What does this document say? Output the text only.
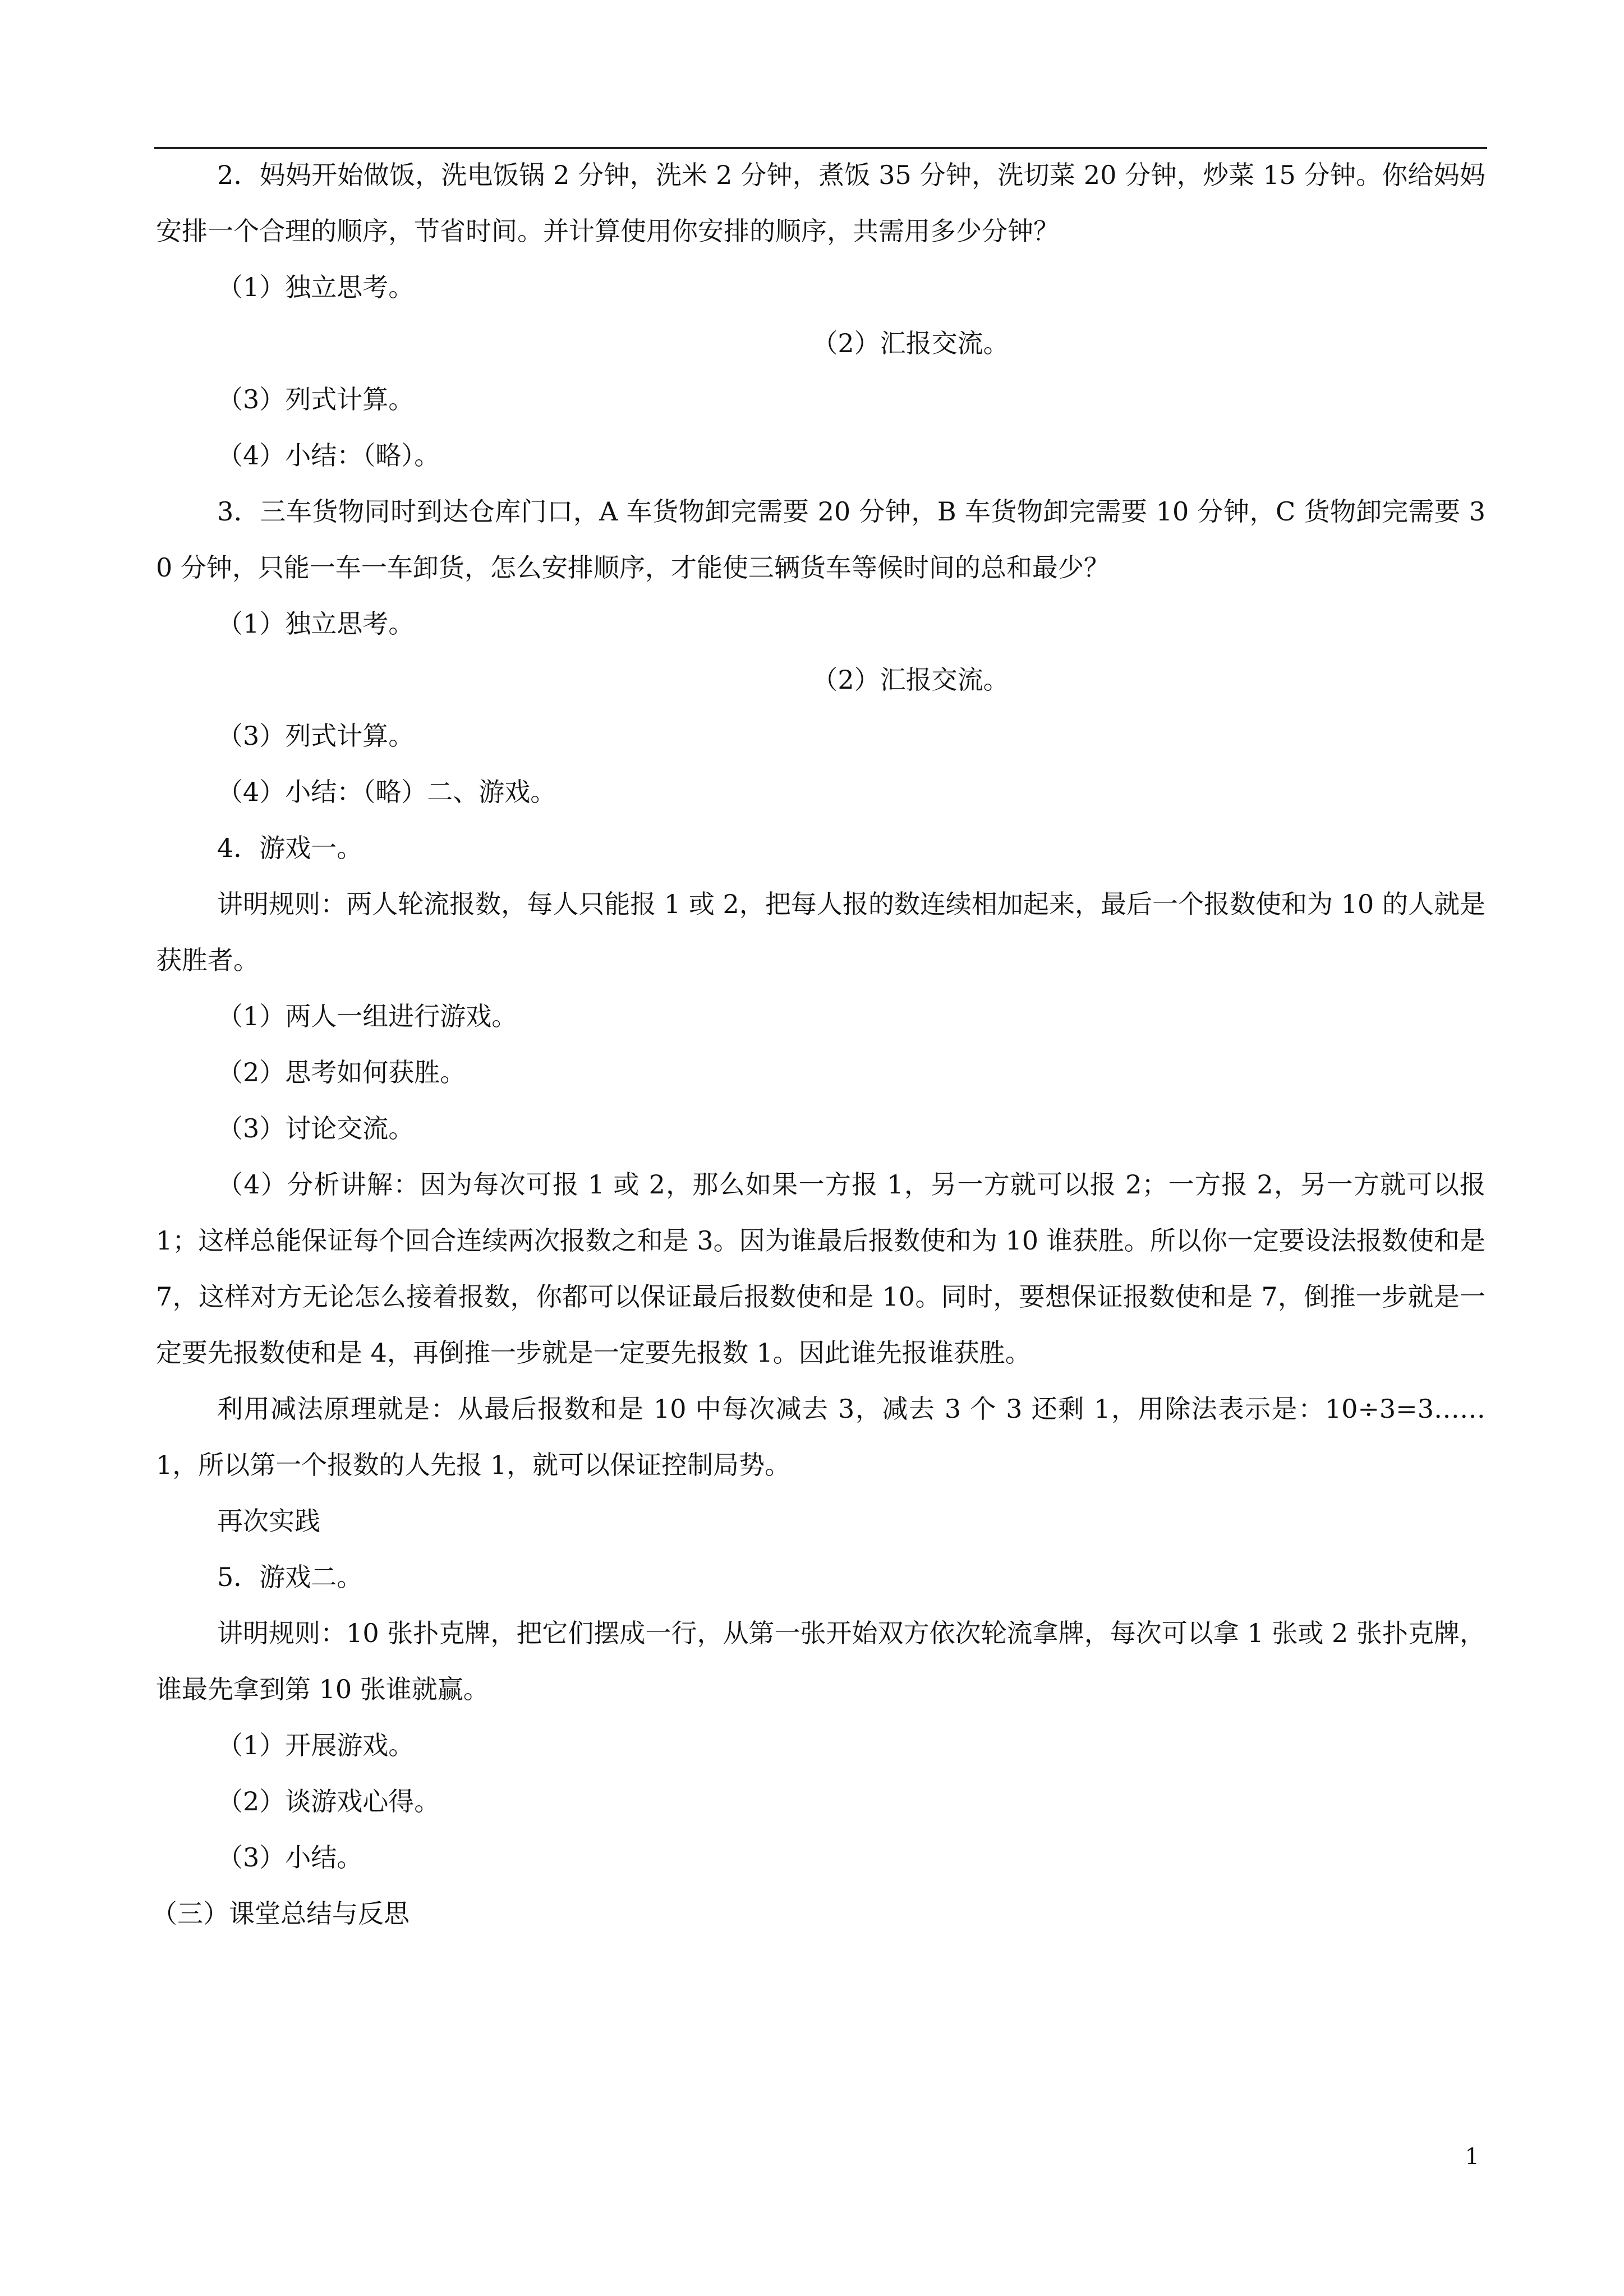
2．妈妈开始做饭，洗电饭锅 2 分钟，洗米 2 分钟，煮饭 35 分钟，洗切菜 20 分钟，炒菜 15 分钟。你给妈妈安排一个合理的顺序，节省时间。并计算使用你安排的顺序，共需用多少分钟？

（1）独立思考。

（2）汇报交流。

（3）列式计算。

（4）小结：（略）。

3．三车货物同时到达仓库门口，A 车货物卸完需要 20 分钟，B 车货物卸完需要 10 分钟，C 货物卸完需要 30 分钟，只能一车一车卸货，怎么安排顺序，才能使三辆货车等候时间的总和最少？

（1）独立思考。

（2）汇报交流。

（3）列式计算。

（4）小结：（略）二、游戏。

4．游戏一。

讲明规则：两人轮流报数，每人只能报 1 或 2，把每人报的数连续相加起来，最后一个报数使和为 10 的人就是获胜者。

（1）两人一组进行游戏。

（2）思考如何获胜。

（3）讨论交流。

（4）分析讲解：因为每次可报 1 或 2，那么如果一方报 1，另一方就可以报 2；一方报 2，另一方就可以报 1；这样总能保证每个回合连续两次报数之和是 3。因为谁最后报数使和为 10 谁获胜。所以你一定要设法报数使和是 7，这样对方无论怎么接着报数，你都可以保证最后报数使和是 10。同时，要想保证报数使和是 7，倒推一步就是一定要先报数使和是 4，再倒推一步就是一定要先报数 1。因此谁先报谁获胜。

利用减法原理就是：从最后报数和是 10 中每次减去 3，减去 3 个 3 还剩 1，用除法表示是：10÷3=3……1，所以第一个报数的人先报 1，就可以保证控制局势。

再次实践

5．游戏二。

讲明规则：10 张扑克牌，把它们摆成一行，从第一张开始双方依次轮流拿牌，每次可以拿 1 张或 2 张扑克牌，谁最先拿到第 10 张谁就赢。

（1）开展游戏。

（2）谈游戏心得。

（3）小结。

（三）课堂总结与反思

1
